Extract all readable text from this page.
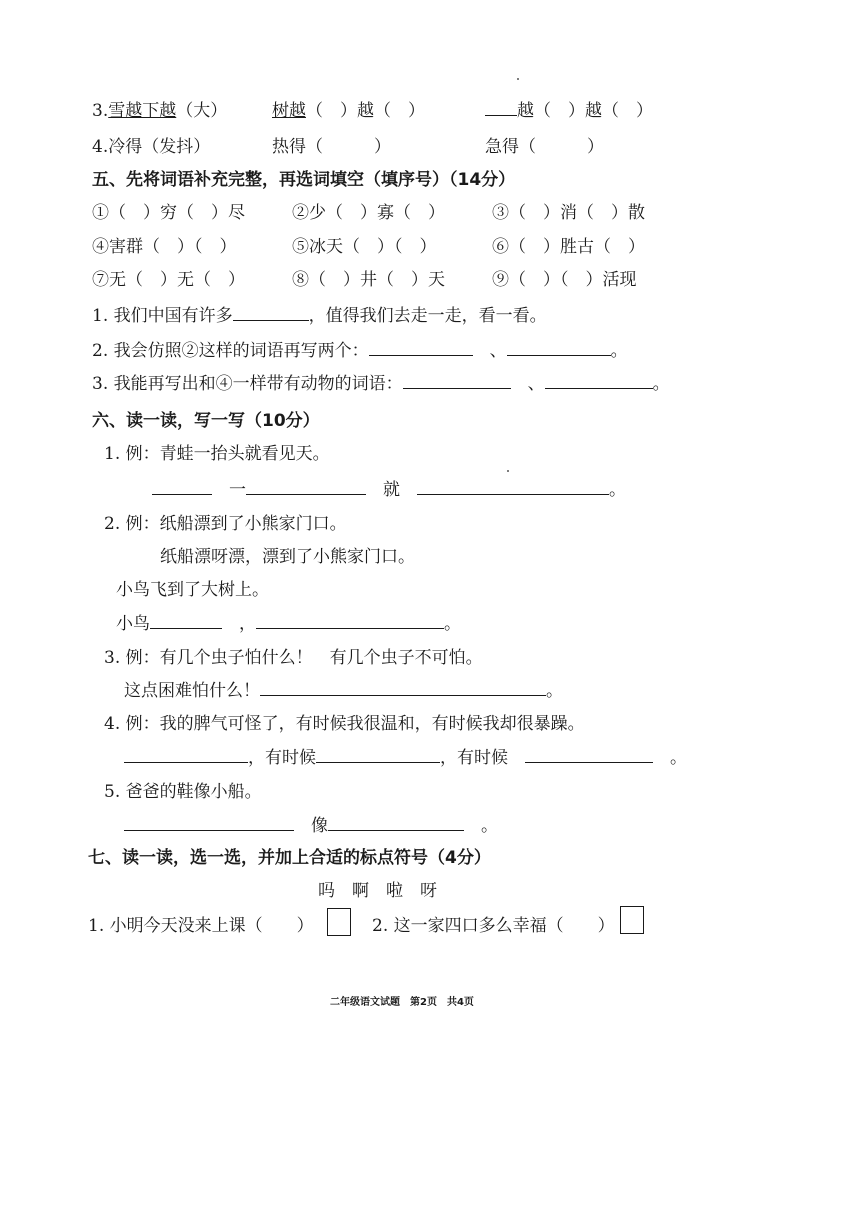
3.雪越下越（大）	树越（　）越（　）	越（　）越（　）
4.冷得（发抖）	热得（　　　）	急得（　　　）
五、先将词语补充完整，再选词填空（填序号）（14分）
①（　）穷（　）尽	②少（　）寡（　）	③（　）消（　）散
④害群（　）（　）	⑤冰天（　）（　）	⑥（　）胜古（　）
⑦无（　）无（　）	⑧（　）井（　）天	⑨（　）（　）活现
1. 我们中国有许多	，值得我们去走一走，看一看。
2. 我会仿照②这样的词语再写两个：　	、	。
3. 我能再写出和④一样带有动物的词语：　	、	。
六、读一读，写一写（10分）
1. 例：青蛙一抬头就看见天。
　一　	就　	。
2. 例：纸船漂到了小熊家门口。
纸船漂呀漂，漂到了小熊家门口。
小鸟飞到了大树上。
小鸟　	，	。
3. 例：有几个虫子怕什么！　有几个虫子不可怕。
这点困难怕什么！	。
4. 例：我的脾气可怪了，有时候我很温和，有时候我却很暴躁。
，有时候	，有时候　　	。
5. 爸爸的鞋像小船。
　像　	。
七、读一读，选一选，并加上合适的标点符号（4分）
吗　啊　啦　呀
1. 小明今天没来上课（　　）	2. 这一家四口多么幸福（　　）
二年级语文试题　第2页　共4页
